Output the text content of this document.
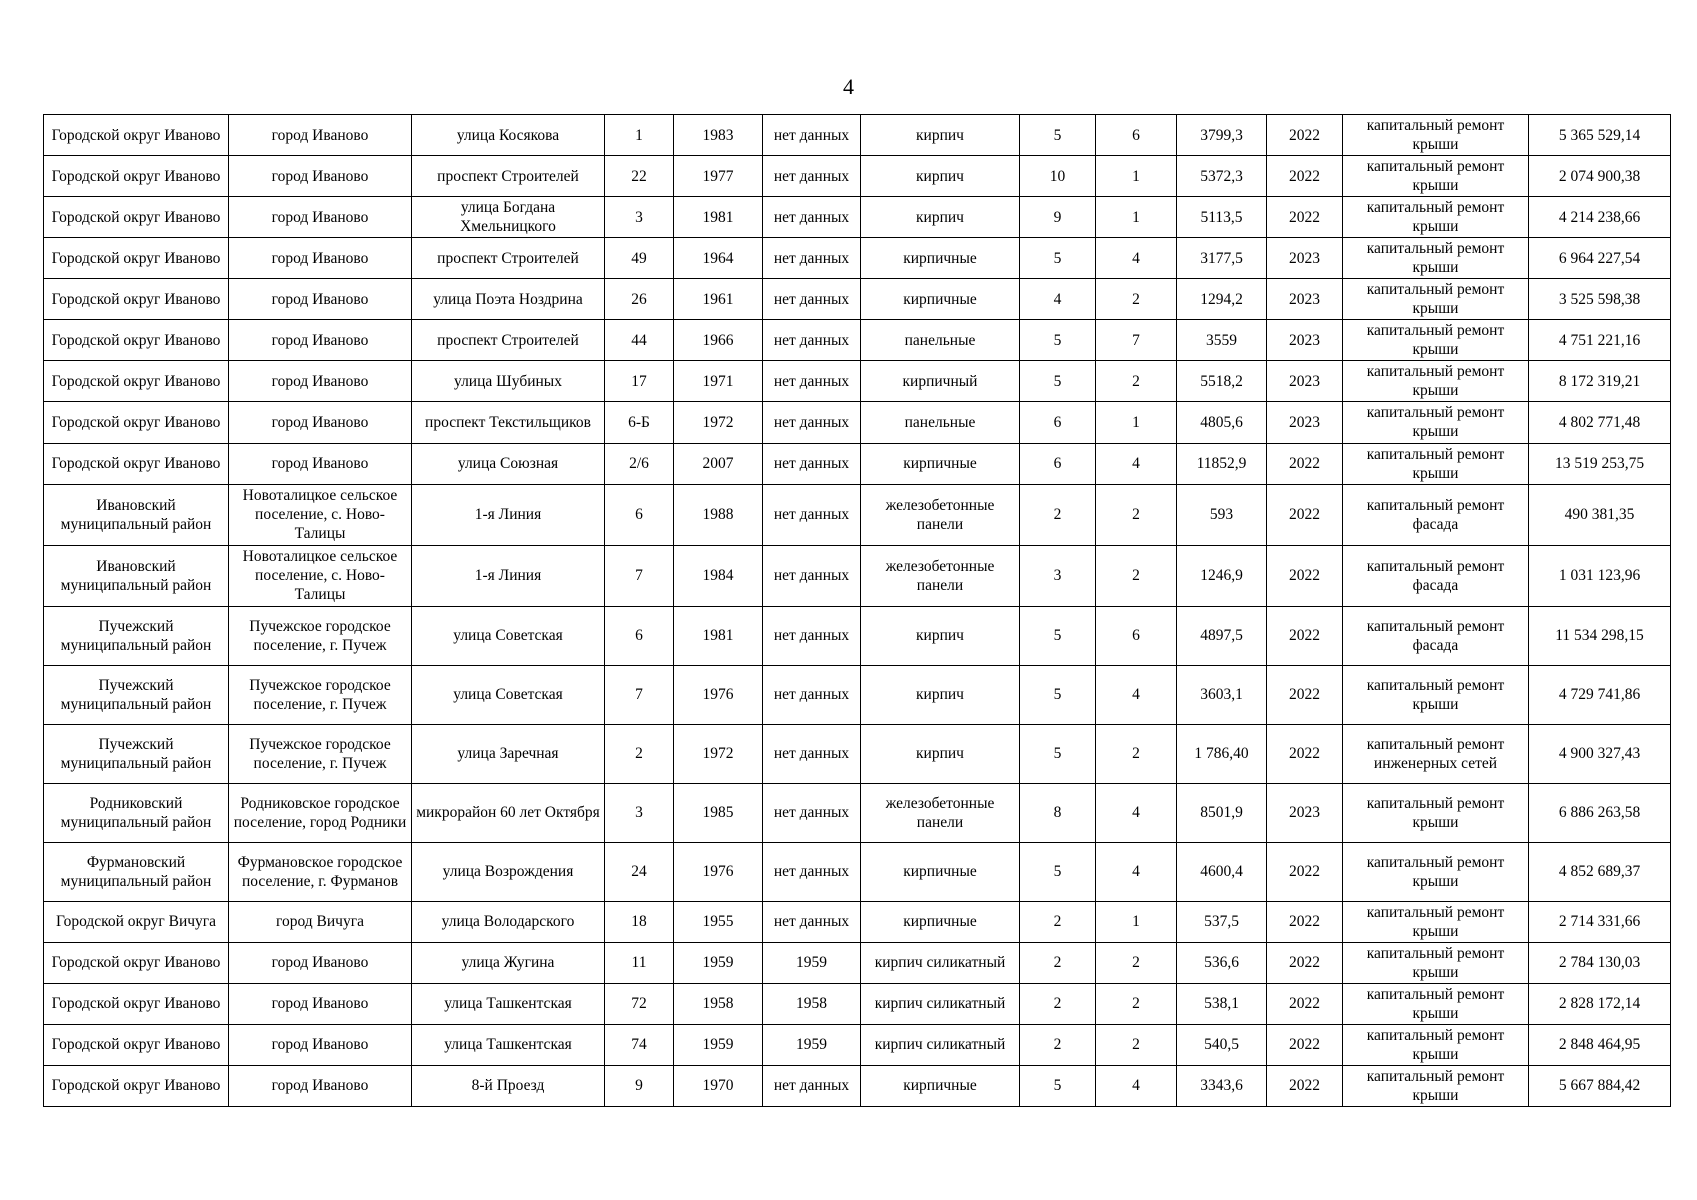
4
Городской округ Иваново	город Иваново	улица Косякова	1	1983	нет данных	кирпич	5	6	3799,3	2022	капитальный ремонт крыши	5 365 529,14
Городской округ Иваново	город Иваново	проспект Строителей	22	1977	нет данных	кирпич	10	1	5372,3	2022	капитальный ремонт крыши	2 074 900,38
Городской округ Иваново	город Иваново	улица Богдана Хмельницкого	3	1981	нет данных	кирпич	9	1	5113,5	2022	капитальный ремонт крыши	4 214 238,66
Городской округ Иваново	город Иваново	проспект Строителей	49	1964	нет данных	кирпичные	5	4	3177,5	2023	капитальный ремонт крыши	6 964 227,54
Городской округ Иваново	город Иваново	улица Поэта Ноздрина	26	1961	нет данных	кирпичные	4	2	1294,2	2023	капитальный ремонт крыши	3 525 598,38
Городской округ Иваново	город Иваново	проспект Строителей	44	1966	нет данных	панельные	5	7	3559	2023	капитальный ремонт крыши	4 751 221,16
Городской округ Иваново	город Иваново	улица Шубиных	17	1971	нет данных	кирпичный	5	2	5518,2	2023	капитальный ремонт крыши	8 172 319,21
Городской округ Иваново	город Иваново	проспект Текстильщиков	6-Б	1972	нет данных	панельные	6	1	4805,6	2023	капитальный ремонт крыши	4 802 771,48
Городской округ Иваново	город Иваново	улица Союзная	2/6	2007	нет данных	кирпичные	6	4	11852,9	2022	капитальный ремонт крыши	13 519 253,75
Ивановский муниципальный район	Новоталицкое сельское поселение, с. Ново-Талицы	1-я Линия	6	1988	нет данных	железобетонные панели	2	2	593	2022	капитальный ремонт фасада	490 381,35
Ивановский муниципальный район	Новоталицкое сельское поселение, с. Ново-Талицы	1-я Линия	7	1984	нет данных	железобетонные панели	3	2	1246,9	2022	капитальный ремонт фасада	1 031 123,96
Пучежский муниципальный район	Пучежское городское поселение, г. Пучеж	улица Советская	6	1981	нет данных	кирпич	5	6	4897,5	2022	капитальный ремонт фасада	11 534 298,15
Пучежский муниципальный район	Пучежское городское поселение, г. Пучеж	улица Советская	7	1976	нет данных	кирпич	5	4	3603,1	2022	капитальный ремонт крыши	4 729 741,86
Пучежский муниципальный район	Пучежское городское поселение, г. Пучеж	улица Заречная	2	1972	нет данных	кирпич	5	2	1 786,40	2022	капитальный ремонт инженерных сетей	4 900 327,43
Родниковский муниципальный район	Родниковское городское поселение, город Родники	микрорайон 60 лет Октября	3	1985	нет данных	железобетонные панели	8	4	8501,9	2023	капитальный ремонт крыши	6 886 263,58
Фурмановский муниципальный район	Фурмановское городское поселение, г. Фурманов	улица Возрождения	24	1976	нет данных	кирпичные	5	4	4600,4	2022	капитальный ремонт крыши	4 852 689,37
Городской округ Вичуга	город Вичуга	улица Володарского	18	1955	нет данных	кирпичные	2	1	537,5	2022	капитальный ремонт крыши	2 714 331,66
Городской округ Иваново	город Иваново	улица Жугина	11	1959	1959	кирпич силикатный	2	2	536,6	2022	капитальный ремонт крыши	2 784 130,03
Городской округ Иваново	город Иваново	улица Ташкентская	72	1958	1958	кирпич силикатный	2	2	538,1	2022	капитальный ремонт крыши	2 828 172,14
Городской округ Иваново	город Иваново	улица Ташкентская	74	1959	1959	кирпич силикатный	2	2	540,5	2022	капитальный ремонт крыши	2 848 464,95
Городской округ Иваново	город Иваново	8-й Проезд	9	1970	нет данных	кирпичные	5	4	3343,6	2022	капитальный ремонт крыши	5 667 884,42
